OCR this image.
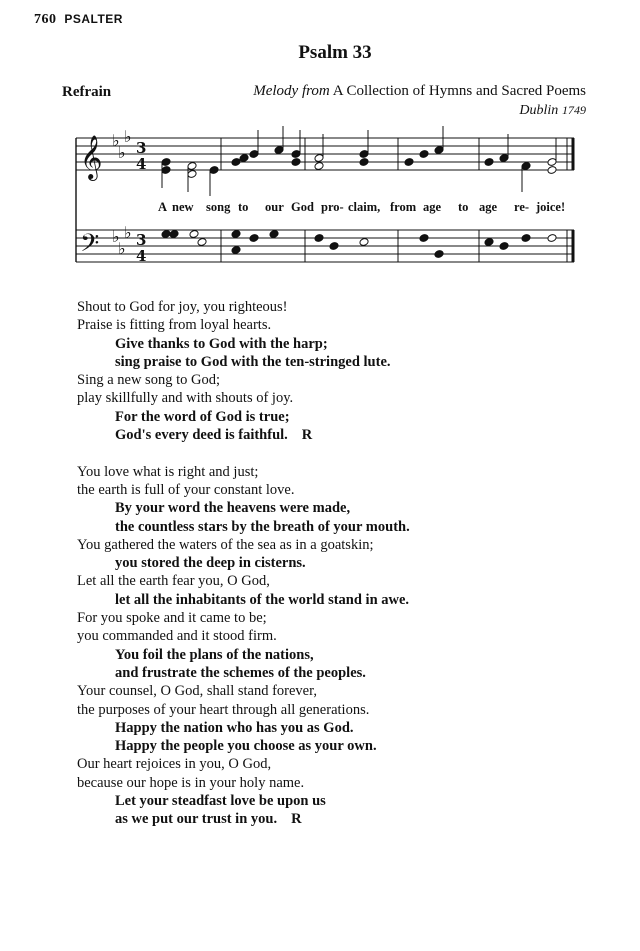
760 PSALTER
Psalm 33
Refrain	Melody from A Collection of Hymns and Sacred Poems
Dublin 1749
𝄞
𝄢
♭
♭
♭
♭
♭
♭
3
4
3
4
A new song to our God pro- claim, from age to age re- joice!
Shout to God for joy, you righteous!
Praise is fitting from loyal hearts.
Give thanks to God with the harp;
sing praise to God with the ten-stringed lute.
Sing a new song to God;
play skillfully and with shouts of joy.
For the word of God is true;
God's every deed is faithful. R
You love what is right and just;
the earth is full of your constant love.
By your word the heavens were made,
the countless stars by the breath of your mouth.
You gathered the waters of the sea as in a goatskin;
you stored the deep in cisterns.
Let all the earth fear you, O God,
let all the inhabitants of the world stand in awe.
For you spoke and it came to be;
you commanded and it stood firm.
You foil the plans of the nations,
and frustrate the schemes of the peoples.
Your counsel, O God, shall stand forever,
the purposes of your heart through all generations.
Happy the nation who has you as God.
Happy the people you choose as your own.
Our heart rejoices in you, O God,
because our hope is in your holy name.
Let your steadfast love be upon us
as we put our trust in you. R
